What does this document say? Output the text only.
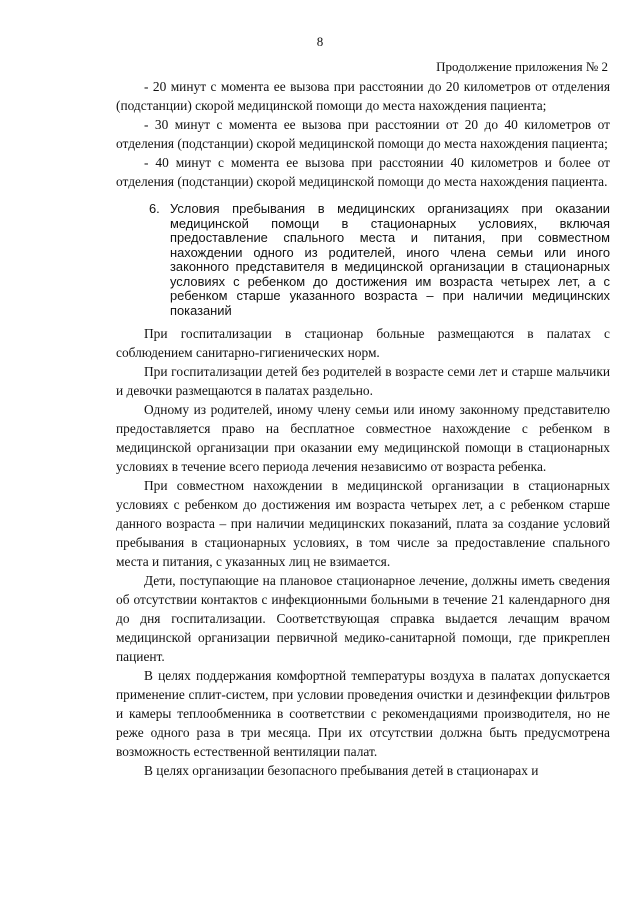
8
Продолжение приложения № 2

- 20 минут с момента ее вызова при расстоянии до 20 километров от отделения (подстанции) скорой медицинской помощи до места нахождения пациента;

- 30 минут с момента ее вызова при расстоянии от 20 до 40 километров от отделения (подстанции) скорой медицинской помощи до места нахождения пациента;

- 40 минут с момента ее вызова при расстоянии 40 километров и более от отделения (подстанции) скорой медицинской помощи до места нахождения пациента.

6. Условия пребывания в медицинских организациях при оказании медицинской помощи в стационарных условиях, включая предоставление спального места и питания, при совместном нахождении одного из родителей, иного члена семьи или иного законного представителя в медицинской организации в стационарных условиях с ребенком до достижения им возраста четырех лет, а с ребенком старше указанного возраста – при наличии медицинских показаний

При госпитализации в стационар больные размещаются в палатах с соблюдением санитарно-гигиенических норм.

При госпитализации детей без родителей в возрасте семи лет и старше мальчики и девочки размещаются в палатах раздельно.

Одному из родителей, иному члену семьи или иному законному представителю предоставляется право на бесплатное совместное нахождение с ребенком в медицинской организации при оказании ему медицинской помощи в стационарных условиях в течение всего периода лечения независимо от возраста ребенка.

При совместном нахождении в медицинской организации в стационарных условиях с ребенком до достижения им возраста четырех лет, а с ребенком старше данного возраста – при наличии медицинских показаний, плата за создание условий пребывания в стационарных условиях, в том числе за предоставление спального места и питания, с указанных лиц не взимается.

Дети, поступающие на плановое стационарное лечение, должны иметь сведения об отсутствии контактов с инфекционными больными в течение 21 календарного дня до дня госпитализации. Соответствующая справка выдается лечащим врачом медицинской организации первичной медико-санитарной помощи, где прикреплен пациент.

В целях поддержания комфортной температуры воздуха в палатах допускается применение сплит-систем, при условии проведения очистки и дезинфекции фильтров и камеры теплообменника в соответствии с рекомендациями производителя, но не реже одного раза в три месяца. При их отсутствии должна быть предусмотрена возможность естественной вентиляции палат.

В целях организации безопасного пребывания детей в стационарах и
